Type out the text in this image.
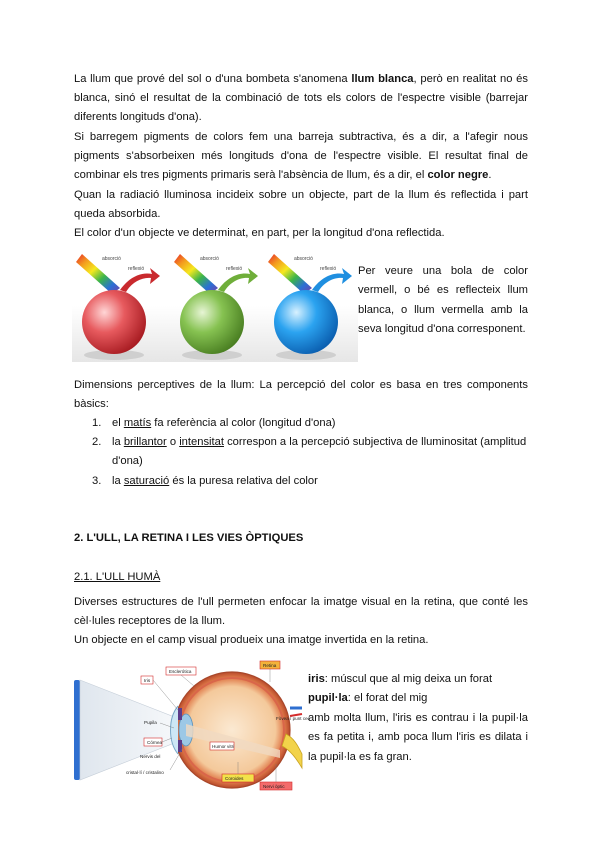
La llum que prové del sol o d'una bombeta s'anomena llum blanca, però en realitat no és blanca, sinó el resultat de la combinació de tots els colors de l'espectre visible (barrejar diferents longituds d'ona).

Si barregem pigments de colors fem una barreja subtractiva, és a dir, a l'afegir nous pigments s'absorbeixen més longituds d'ona de l'espectre visible. El resultat final de combinar els tres pigments primaris serà l'absència de llum, és a dir, el color negre.

Quan la radiació lluminosa incideix sobre un objecte, part de la llum és reflectida i part queda absorbida.

El color d'un objecte ve determinat, en part, per la longitud d'ona reflectida.

absorció
reflexió
absorció
reflexió
absorció
reflexió Per veure una bola de color vermell, o bé es reflecteix llum blanca, o llum vermella amb la seva longitud d'ona corresponent.

Dimensions perceptives de la llum: La percepció del color es basa en tres components bàsics:

1. el matís fa referència al color (longitud d'ona)
2. la brillantor o intensitat correspon a la percepció subjectiva de lluminositat (amplitud d'ona)
3. la saturació és la puresa relativa del color
2. L'ULL, LA RETINA I LES VIES ÒPTIQUES
2.1. L'ULL HUMÀ

Diverses estructures de l'ull permeten enfocar la imatge visual en la retina, que conté les cèl·lules receptores de la llum.

Un objecte en el camp visual produeix una imatge invertida en la retina.

Esclerótica
Iris
Pupila
Córnea
Nervis del
cristal·lí / cristalino
Humor vitri
Retina
Fòvea / punt cec
Coroides
Nervi òptic

iris: múscul que al mig deixa un forat
pupil·la: el forat del mig
amb molta llum, l'iris es contrau i la pupil·la es fa petita i, amb poca llum l'iris es dilata i la pupil·la es fa gran.
